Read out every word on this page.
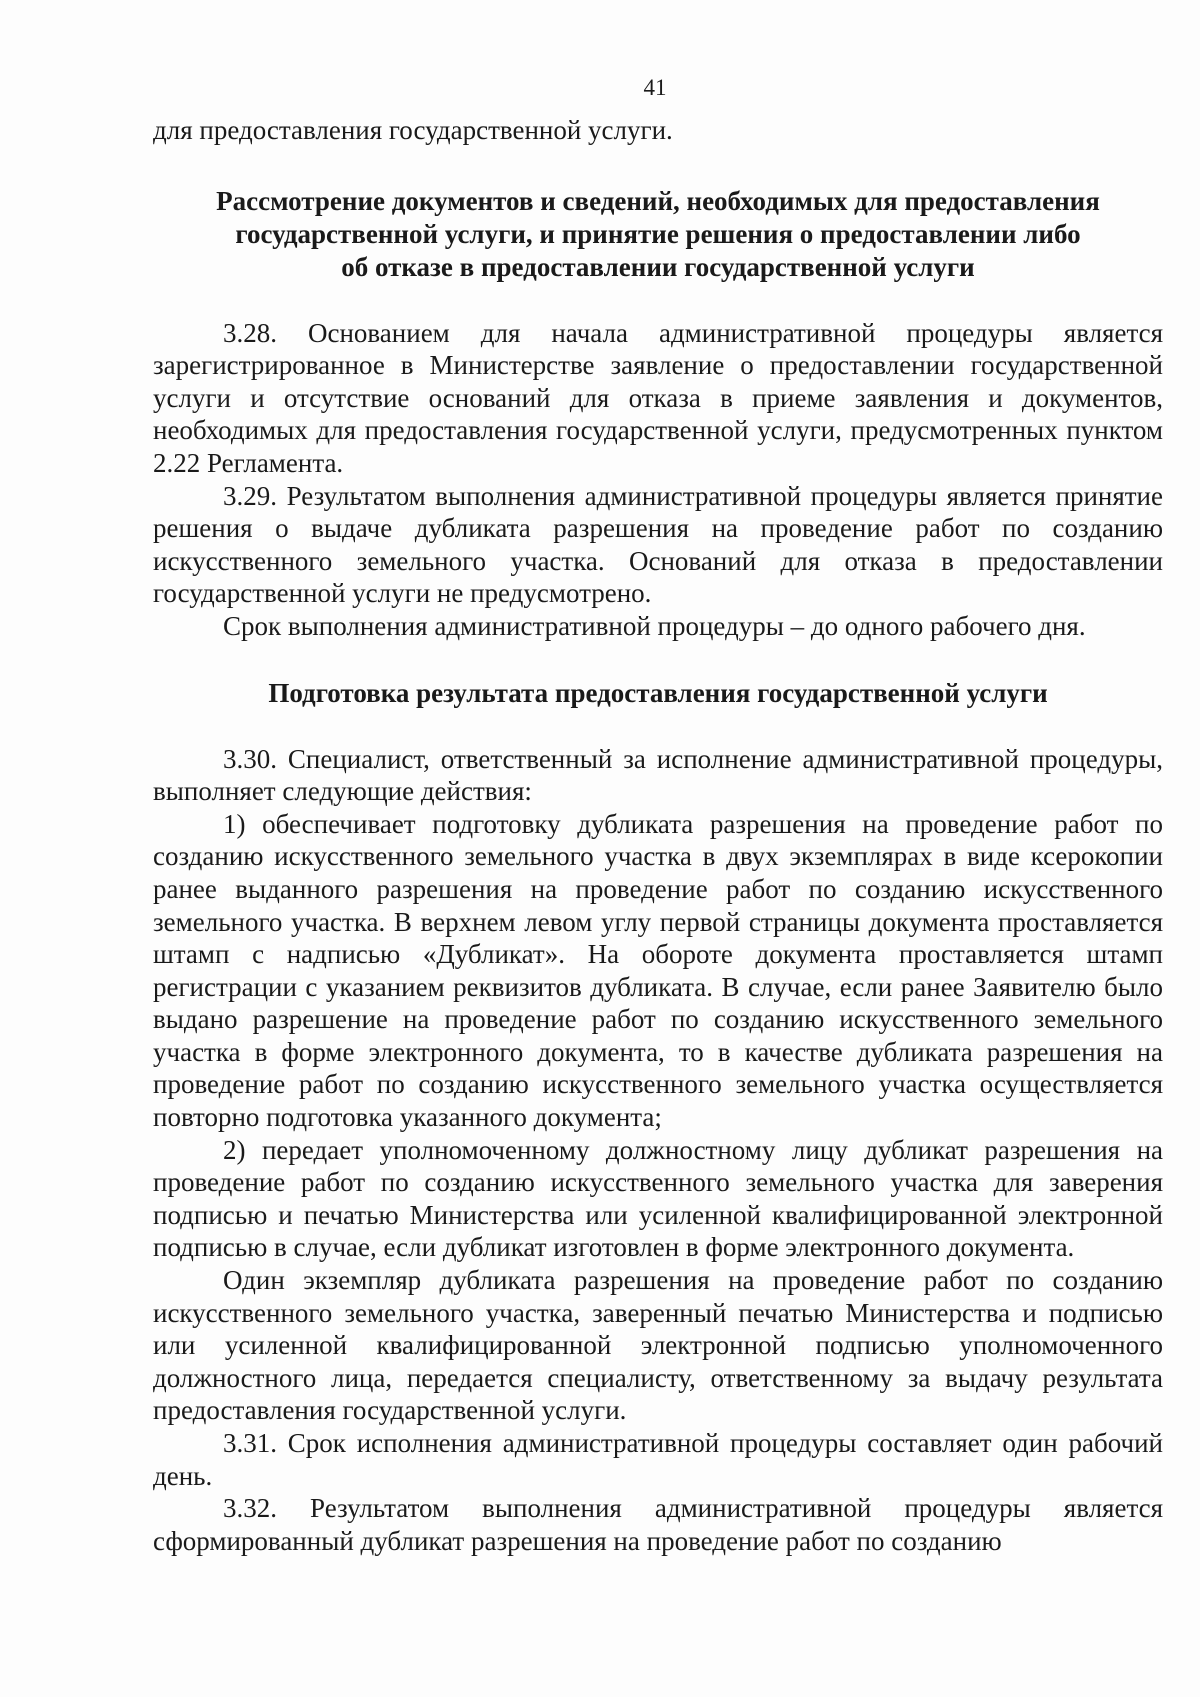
41

для предоставления государственной услуги.

Рассмотрение документов и сведений, необходимых для предоставления
государственной услуги, и принятие решения о предоставлении либо
об отказе в предоставлении государственной услуги

3.28. Основанием для начала административной процедуры является зарегистрированное в Министерстве заявление о предоставлении государственной услуги и отсутствие оснований для отказа в приеме заявления и документов, необходимых для предоставления государственной услуги, предусмотренных пунктом 2.22 Регламента.

3.29. Результатом выполнения административной процедуры является принятие решения о выдаче дубликата разрешения на проведение работ по созданию искусственного земельного участка. Оснований для отказа в предоставлении государственной услуги не предусмотрено.

Срок выполнения административной процедуры – до одного рабочего дня.

Подготовка результата предоставления государственной услуги

3.30. Специалист, ответственный за исполнение административной процедуры, выполняет следующие действия:

1) обеспечивает подготовку дубликата разрешения на проведение работ по созданию искусственного земельного участка в двух экземплярах в виде ксерокопии ранее выданного разрешения на проведение работ по созданию искусственного земельного участка. В верхнем левом углу первой страницы документа проставляется штамп с надписью «Дубликат». На обороте документа проставляется штамп регистрации с указанием реквизитов дубликата. В случае, если ранее Заявителю было выдано разрешение на проведение работ по созданию искусственного земельного участка в форме электронного документа, то в качестве дубликата разрешения на проведение работ по созданию искусственного земельного участка осуществляется повторно подготовка указанного документа;

2) передает уполномоченному должностному лицу дубликат разрешения на проведение работ по созданию искусственного земельного участка для заверения подписью и печатью Министерства или усиленной квалифицированной электронной подписью в случае, если дубликат изготовлен в форме электронного документа.

Один экземпляр дубликата разрешения на проведение работ по созданию искусственного земельного участка, заверенный печатью Министерства и подписью или усиленной квалифицированной электронной подписью уполномоченного должностного лица, передается специалисту, ответственному за выдачу результата предоставления государственной услуги.

3.31. Срок исполнения административной процедуры составляет один рабочий день.

3.32. Результатом выполнения административной процедуры является сформированный дубликат разрешения на проведение работ по созданию
